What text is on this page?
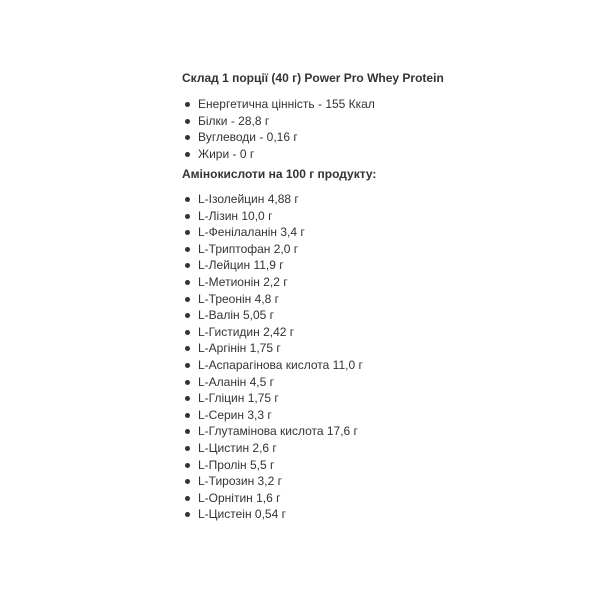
Склад 1 порції (40 г) Power Pro Whey Protein

Енергетична цінність - 155 Ккал
Білки - 28,8 г
Вуглеводи - 0,16 г
Жири - 0 г

Амінокислоти на 100 г продукту:

L-Ізолейцин 4,88 г
L-Лізин 10,0 г
L-Фенілаланін 3,4 г
L-Триптофан 2,0 г
L-Лейцин 11,9 г
L-Метионін 2,2 г
L-Треонін 4,8 г
L-Валін 5,05 г
L-Гистидин 2,42 г
L-Аргінін 1,75 г
L-Аспарагінова кислота 11,0 г
L-Аланін 4,5 г
L-Гліцин 1,75 г
L-Серин 3,3 г
L-Глутамінова кислота 17,6 г
L-Цистин 2,6 г
L-Пролін 5,5 г
L-Тирозин 3,2 г
L-Орнітин 1,6 г
L-Цистеін 0,54 г
